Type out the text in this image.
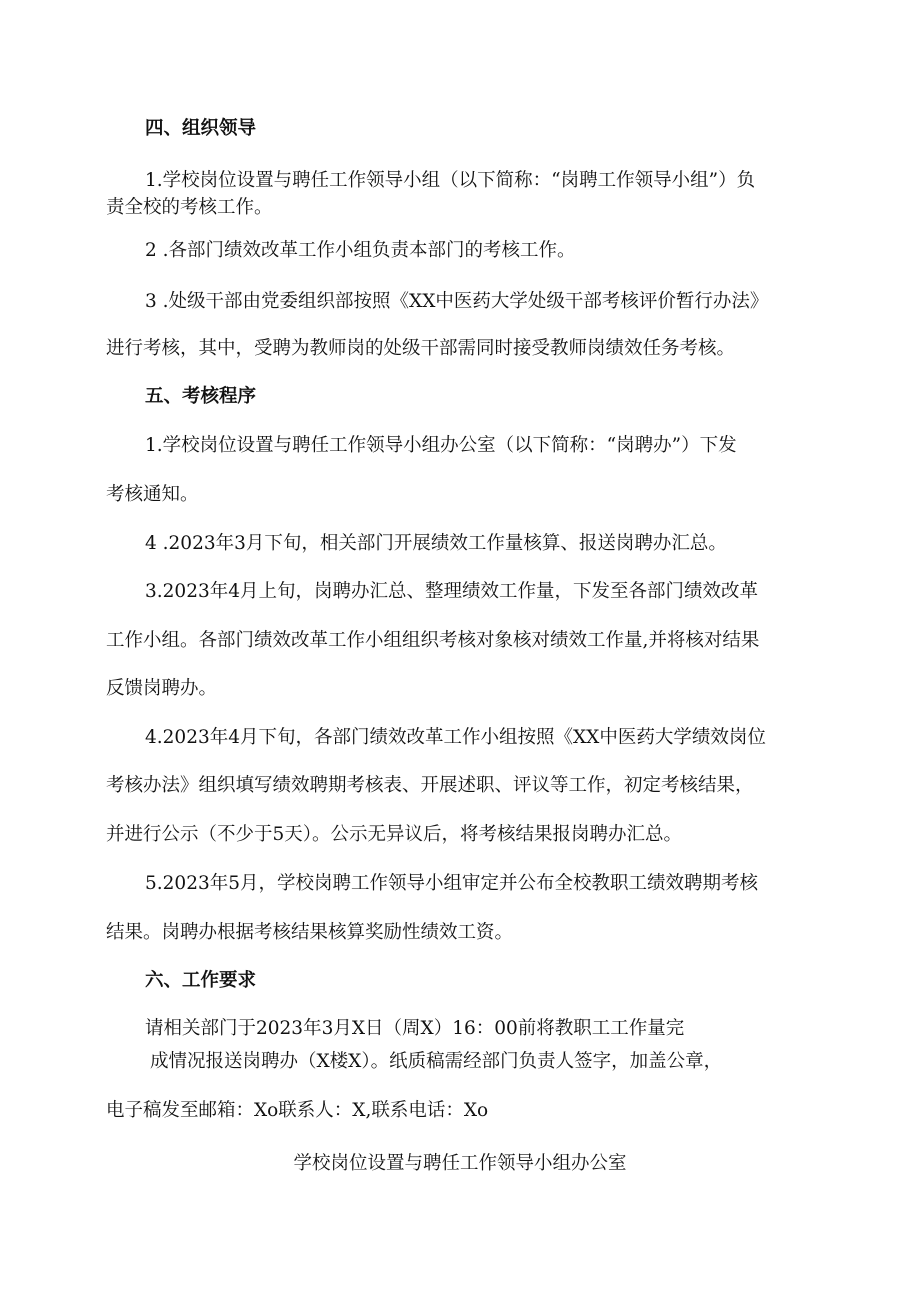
四、组织领导

1.学校岗位设置与聘任工作领导小组（以下简称：“岗聘工作领导小组”）负

责全校的考核工作。

2 .各部门绩效改革工作小组负责本部门的考核工作。

3 .处级干部由党委组织部按照《XX中医药大学处级干部考核评价暂行办法》

进行考核，其中，受聘为教师岗的处级干部需同时接受教师岗绩效任务考核。

五、考核程序

1.学校岗位设置与聘任工作领导小组办公室（以下简称：“岗聘办”）下发

考核通知。

4 .2023年3月下旬，相关部门开展绩效工作量核算、报送岗聘办汇总。

3.2023年4月上旬，岗聘办汇总、整理绩效工作量，下发至各部门绩效改革

工作小组。各部门绩效改革工作小组组织考核对象核对绩效工作量,并将核对结果

反馈岗聘办。

4.2023年4月下旬，各部门绩效改革工作小组按照《XX中医药大学绩效岗位

考核办法》组织填写绩效聘期考核表、开展述职、评议等工作，初定考核结果，

并进行公示（不少于5天）。公示无异议后，将考核结果报岗聘办汇总。

5.2023年5月，学校岗聘工作领导小组审定并公布全校教职工绩效聘期考核

结果。岗聘办根据考核结果核算奖励性绩效工资。

六、工作要求

请相关部门于2023年3月X日（周X）16：00前将教职工工作量完

成情况报送岗聘办（X楼X）。纸质稿需经部门负责人签字，加盖公章，

电子稿发至邮箱：Xo联系人：X,联系电话：Xo

学校岗位设置与聘任工作领导小组办公室
